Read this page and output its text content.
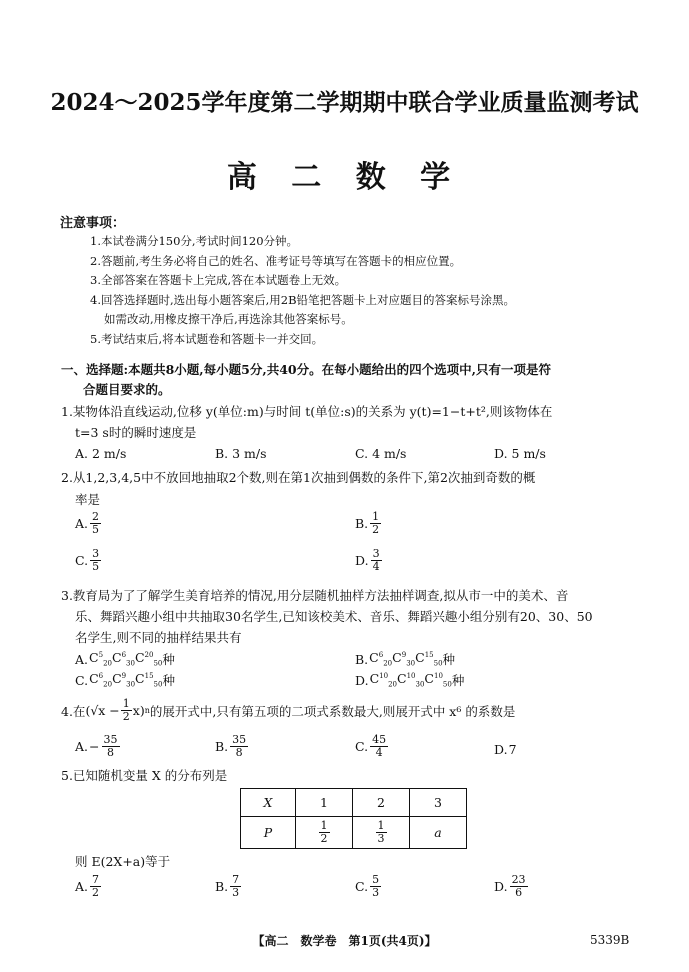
2024～2025学年度第二学期期中联合学业质量监测考试
高 二 数 学
注意事项：
1.本试卷满分150分,考试时间120分钟。
2.答题前,考生务必将自己的姓名、准考证号等填写在答题卡的相应位置。
3.全部答案在答题卡上完成,答在本试题卷上无效。
4.回答选择题时,选出每小题答案后,用2B铅笔把答题卡上对应题目的答案标号涂黑。
如需改动,用橡皮擦干净后,再选涂其他答案标号。
5.考试结束后,将本试题卷和答题卡一并交回。
一、选择题:本题共8小题,每小题5分,共40分。在每小题给出的四个选项中,只有一项是符
合题目要求的。
1.某物体沿直线运动,位移 y(单位:m)与时间 t(单位:s)的关系为 y(t)=1−t+t²,则该物体在
t=3 s时的瞬时速度是
A. 2 m/s	B. 3 m/s	C. 4 m/s	D. 5 m/s
2.从1,2,3,4,5中不放回地抽取2个数,则在第1次抽到偶数的条件下,第2次抽到奇数的概
率是
A. $\frac{2}{5}$	B. $\frac{1}{2}$
C. $\frac{3}{5}$	D. $\frac{3}{4}$
3.教育局为了了解学生美育培养的情况,用分层随机抽样方法抽样调查,拟从市一中的美术、音
乐、舞蹈兴趣小组中共抽取30名学生,已知该校美术、音乐、舞蹈兴趣小组分别有20、30、50
名学生,则不同的抽样结果共有
A. $C^5_{20}$ $C^6_{30}$ $C^{20}_{50}$ 种	B. $C^6_{20}$ $C^9_{30}$ $C^{15}_{50}$ 种
C. $C^6_{20}$ $C^9_{30}$ $C^{15}_{50}$ 种	D. $C^{10}_{20}$ $C^{10}_{30}$ $C^{10}_{50}$ 种
4.在 $(√x - \frac{1}{2} x)$ n 的展开式中,只有第五项的二项式系数最大,则展开式中 x⁶ 的系数是
A. − $\frac{35}{8}$	B. $\frac{35}{8}$	C. $\frac{45}{4}$	D. 7
5.已知随机变量 X 的分布列是
X	1	2	3
P	$\frac{1}{2}$	$\frac{1}{3}$	a
则 E(2X+a)等于
A. $\frac{7}{2}$	B. $\frac{7}{3}$	C. $\frac{5}{3}$	D. $\frac{23}{6}$
【高二　数学卷　第1页(共4页)】	5339B
